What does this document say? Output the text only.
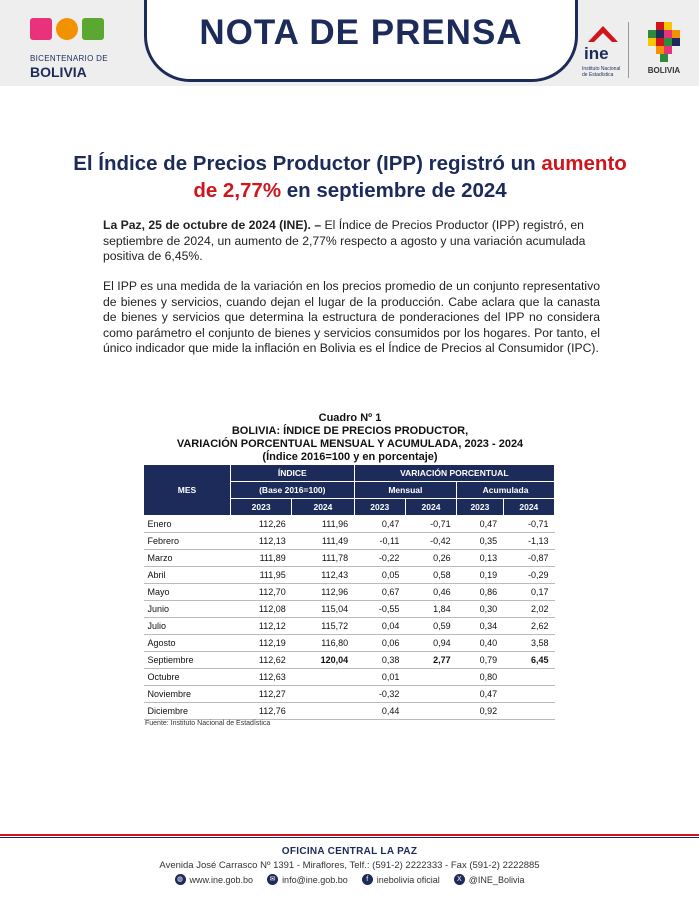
BICENTENARIO DE
BOLIVIA
NOTA DE PRENSA
ine
Instituto Nacional de Estadística	BOLIVIA
El Índice de Precios Productor (IPP) registró un aumento de 2,77% en septiembre de 2024
La Paz, 25 de octubre de 2024 (INE). – El Índice de Precios Productor (IPP) registró, en septiembre de 2024, un aumento de 2,77% respecto a agosto y una variación acumulada positiva de 6,45%.
El IPP es una medida de la variación en los precios promedio de un conjunto representativo de bienes y servicios, cuando dejan el lugar de la producción. Cabe aclara que la canasta de bienes y servicios que determina la estructura de ponderaciones del IPP no considera como parámetro el conjunto de bienes y servicios consumidos por los hogares. Por tanto, el único indicador que mide la inflación en Bolivia es el Índice de Precios al Consumidor (IPC).
Cuadro Nº 1
BOLIVIA: ÍNDICE DE PRECIOS PRODUCTOR,
VARIACIÓN PORCENTUAL MENSUAL Y ACUMULADA, 2023 - 2024
(Índice 2016=100 y en porcentaje)
MES	ÍNDICE		VARIACIÓN PORCENTUAL			
	(Base 2016=100)		Mensual		Acumulada	
	2023	2024	2023	2024	2023	2024
Enero	112,26	111,96	0,47	-0,71	0,47	-0,71
Febrero	112,13	111,49	-0,11	-0,42	0,35	-1,13
Marzo	111,89	111,78	-0,22	0,26	0,13	-0,87
Abril	111,95	112,43	0,05	0,58	0,19	-0,29
Mayo	112,70	112,96	0,67	0,46	0,86	0,17
Junio	112,08	115,04	-0,55	1,84	0,30	2,02
Julio	112,12	115,72	0,04	0,59	0,34	2,62
Agosto	112,19	116,80	0,06	0,94	0,40	3,58
Septiembre	112,62	120,04	0,38	2,77	0,79	6,45
Octubre	112,63		0,01		0,80	
Noviembre	112,27		-0,32		0,47	
Diciembre	112,76		0,44		0,92	
Fuente: Instituto Nacional de Estadística
OFICINA CENTRAL LA PAZ
Avenida José Carrasco Nº 1391 - Miraflores, Telf.: (591-2) 2222333 - Fax (591-2) 2222885
◍ www.ine.gob.bo	✉ info@ine.gob.bo	f inebolivia oficial	X @INE_Bolivia
